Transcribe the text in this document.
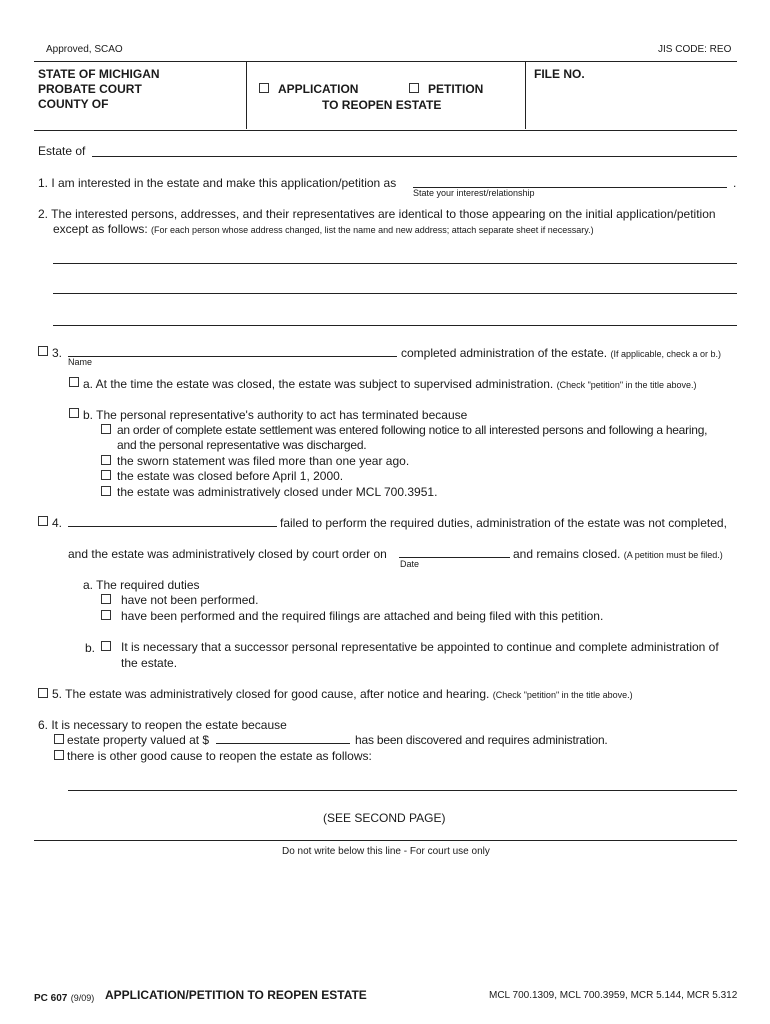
Approved, SCAO	JIS CODE: REO
STATE OF MICHIGAN
PROBATE COURT
COUNTY OF
APPLICATION	PETITION
TO REOPEN ESTATE
FILE NO.
Estate of
1. I am interested in the estate and make this application/petition as	.
State your interest/relationship
2. The interested persons, addresses, and their representatives are identical to those appearing on the initial application/petition
except as follows: (For each person whose address changed, list the name and new address; attach separate sheet if necessary.)
3.	completed administration of the estate. (If applicable, check a or b.)
Name
a. At the time the estate was closed, the estate was subject to supervised administration. (Check "petition" in the title above.)
b. The personal representative's authority to act has terminated because
an order of complete estate settlement was entered following notice to all interested persons and following a hearing,
and the personal representative was discharged.
the sworn statement was filed more than one year ago.
the estate was closed before April 1, 2000.
the estate was administratively closed under MCL 700.3951.
4.	failed to perform the required duties, administration of the estate was not completed,
and the estate was administratively closed by court order on	and remains closed. (A petition must be filed.)
Date
a. The required duties
have not been performed.
have been performed and the required filings are attached and being filed with this petition.
b. It is necessary that a successor personal representative be appointed to continue and complete administration of
the estate.
5. The estate was administratively closed for good cause, after notice and hearing. (Check "petition" in the title above.)
6. It is necessary to reopen the estate because
estate property valued at $	has been discovered and requires administration.
there is other good cause to reopen the estate as follows:
(SEE SECOND PAGE)
Do not write below this line - For court use only
PC 607 (9/09) APPLICATION/PETITION TO REOPEN ESTATE	MCL 700.1309, MCL 700.3959, MCR 5.144, MCR 5.312
